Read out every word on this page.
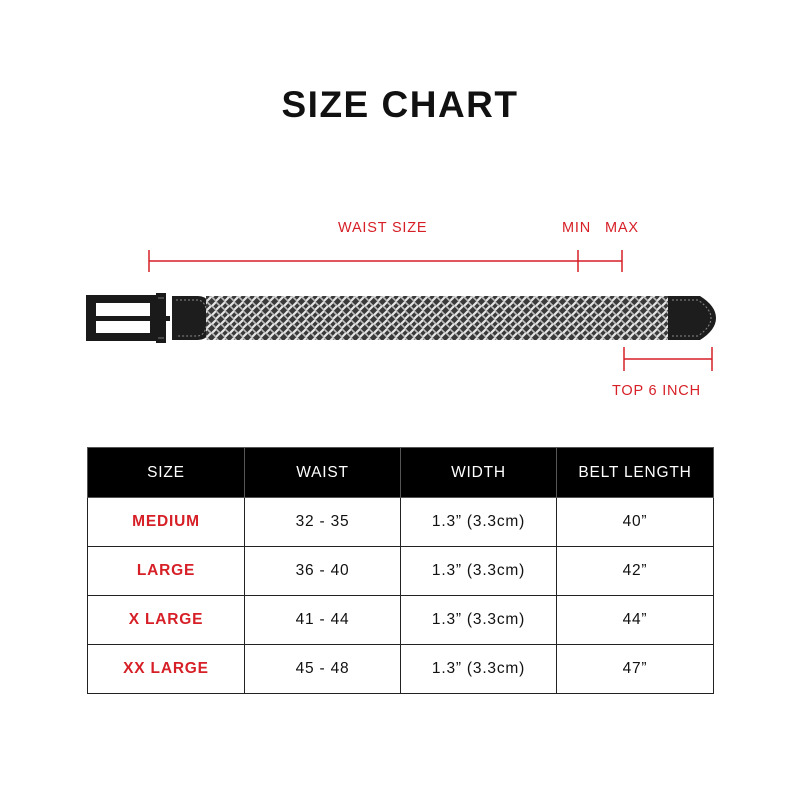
SIZE CHART
WAIST SIZE	MIN MAX
TOP 6 INCH
SIZE	WAIST	WIDTH	BELT LENGTH
MEDIUM	32 - 35	1.3” (3.3cm)	40”
LARGE	36 - 40	1.3” (3.3cm)	42”
X LARGE	41 - 44	1.3” (3.3cm)	44”
XX LARGE	45 - 48	1.3” (3.3cm)	47”
